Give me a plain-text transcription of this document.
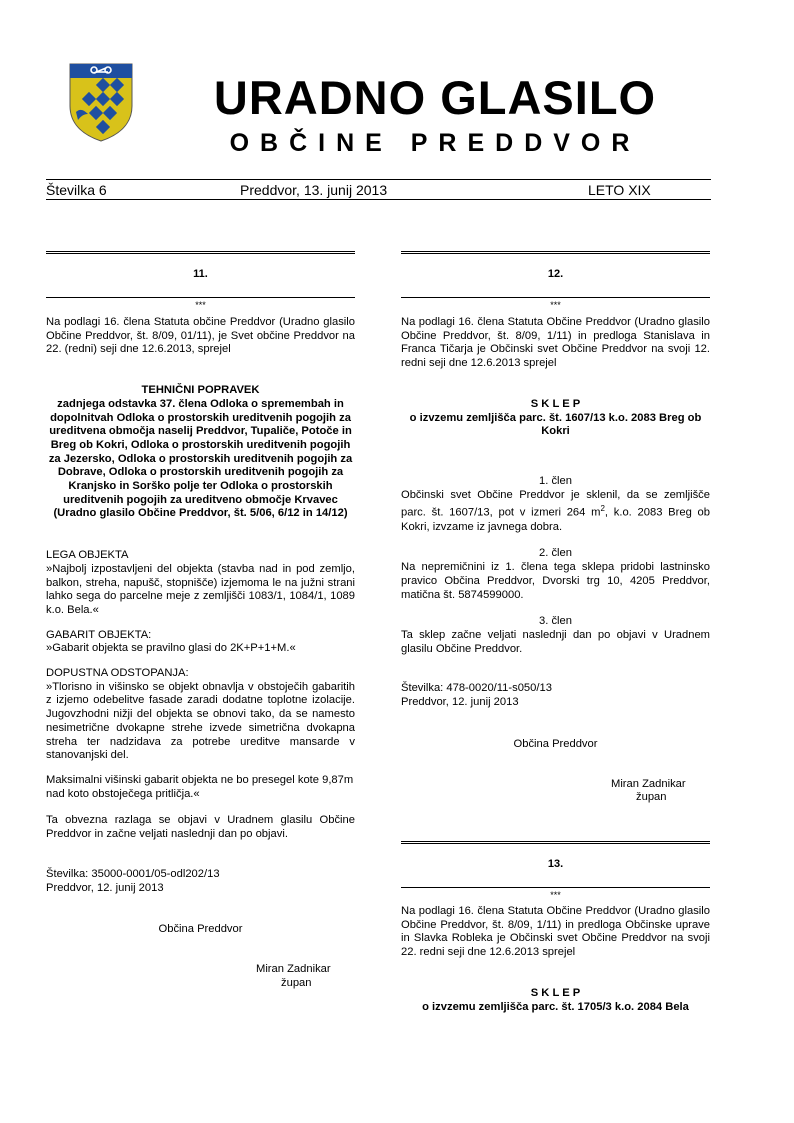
URADNO GLASILO
OBČINE PREDDVOR
Številka 6	Preddvor, 13. junij 2013	LETO XIX
11.
***

Na podlagi 16. člena Statuta občine Preddvor (Uradno glasilo Občine Preddvor, št. 8/09, 01/11), je Svet občine Preddvor na 22. (redni) seji dne 12.6.2013, sprejel

TEHNIČNI POPRAVEK

zadnjega odstavka 37. člena Odloka o spremembah in dopolnitvah Odloka o prostorskih ureditvenih pogojih za ureditvena območja naselij Preddvor, Tupaliče, Potoče in Breg ob Kokri, Odloka o prostorskih ureditvenih pogojih za Jezersko, Odloka o prostorskih ureditvenih pogojih za Dobrave, Odloka o prostorskih ureditvenih pogojih za Kranjsko in Sorško polje ter Odloka o prostorskih ureditvenih pogojih za ureditveno območje Krvavec (Uradno glasilo Občine Preddvor, št. 5/06, 6/12 in 14/12)

LEGA OBJEKTA

»Najbolj izpostavljeni del objekta (stavba nad in pod zemljo, balkon, streha, napušč, stopnišče) izjemoma le na južni strani lahko sega do parcelne meje z zemljišči 1083/1, 1084/1, 1089 k.o. Bela.«

GABARIT OBJEKTA:

»Gabarit objekta se pravilno glasi do 2K+P+1+M.«

DOPUSTNA ODSTOPANJA:

»Tlorisno in višinsko se objekt obnavlja v obstoječih gabaritih z izjemo odebelitve fasade zaradi dodatne toplotne izolacije. Jugovzhodni nižji del objekta se obnovi tako, da se namesto nesimetrične dvokapne strehe izvede simetrična dvokapna streha ter nadzidava za potrebe ureditve mansarde v stanovanjski del.

Maksimalni višinski gabarit objekta ne bo presegel kote 9,87m nad koto obstoječega pritličja.«

Ta obvezna razlaga se objavi v Uradnem glasilu Občine Preddvor in začne veljati naslednji dan po objavi.

Številka: 35000-0001/05-odl202/13

Preddvor, 12. junij 2013

Občina Preddvor

Miran Zadnikar

župan

12.
***

Na podlagi 16. člena Statuta Občine Preddvor (Uradno glasilo Občine Preddvor, št. 8/09, 1/11) in predloga Stanislava in Franca Tičarja je Občinski svet Občine Preddvor na svoji 12. redni seji dne 12.6.2013 sprejel

S K L E P

o izvzemu zemljišča parc. št. 1607/13 k.o. 2083 Breg ob Kokri

1. člen

Občinski svet Občine Preddvor je sklenil, da se zemljišče parc. št. 1607/13, pot v izmeri 264 $m^2$, k.o. 2083 Breg ob Kokri, izvzame iz javnega dobra.

2. člen

Na nepremičnini iz 1. člena tega sklepa pridobi lastninsko pravico Občina Preddvor, Dvorski trg 10, 4205 Preddvor, matična št. 5874599000.

3. člen

Ta sklep začne veljati naslednji dan po objavi v Uradnem glasilu Občine Preddvor.

Številka: 478-0020/11-s050/13

Preddvor, 12. junij 2013

Občina Preddvor

Miran Zadnikar

župan

13.
***

Na podlagi 16. člena Statuta Občine Preddvor (Uradno glasilo Občine Preddvor, št. 8/09, 1/11) in predloga Občinske uprave in Slavka Robleka je Občinski svet Občine Preddvor na svoji 22. redni seji dne 12.6.2013 sprejel

S K L E P

o izvzemu zemljišča parc. št. 1705/3 k.o. 2084 Bela
